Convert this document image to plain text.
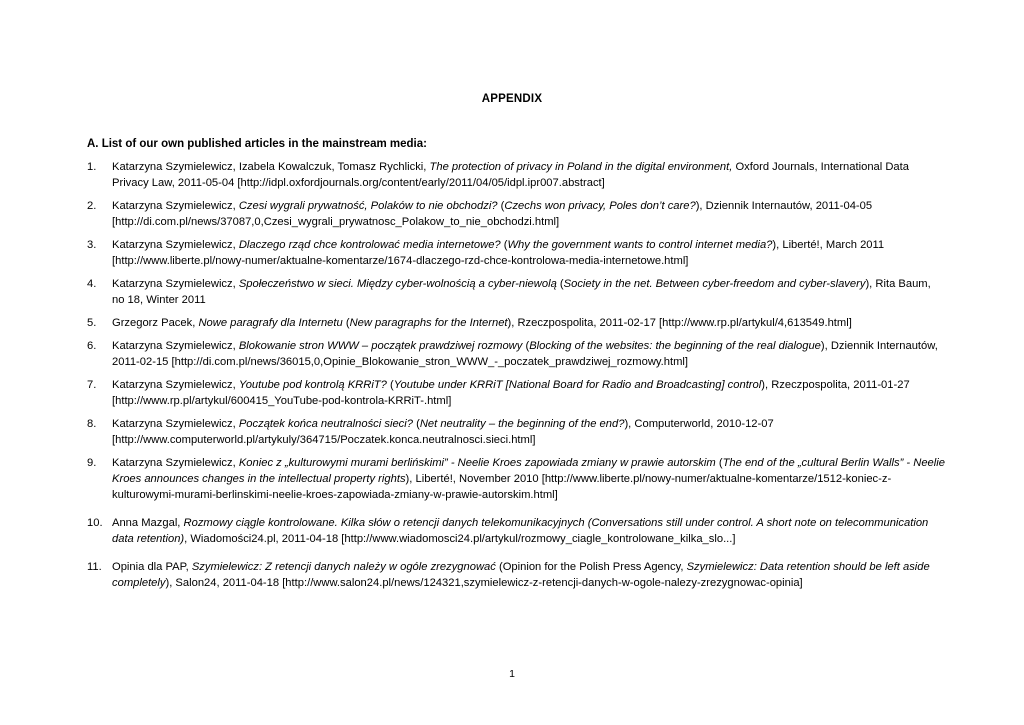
APPENDIX
A. List of our own published articles in the mainstream media:
1. Katarzyna Szymielewicz, Izabela Kowalczuk, Tomasz Rychlicki, The protection of privacy in Poland in the digital environment, Oxford Journals, International Data Privacy Law, 2011-05-04 [http://idpl.oxfordjournals.org/content/early/2011/04/05/idpl.ipr007.abstract]
2. Katarzyna Szymielewicz, Czesi wygrali prywatność, Polaków to nie obchodzi? (Czechs won privacy, Poles don’t care?), Dziennik Internautów, 2011-04-05 [http://di.com.pl/news/37087,0,Czesi_wygrali_prywatnosc_Polakow_to_nie_obchodzi.html]
3. Katarzyna Szymielewicz, Dlaczego rząd chce kontrolować media internetowe? (Why the government wants to control internet media?), Liberté!, March 2011 [http://www.liberte.pl/nowy-numer/aktualne-komentarze/1674-dlaczego-rzd-chce-kontrolowa-media-internetowe.html]
4. Katarzyna Szymielewicz, Społeczeństwo w sieci. Między cyber-wolnością a cyber-niewolą (Society in the net. Between cyber-freedom and cyber-slavery), Rita Baum, no 18, Winter 2011
5. Grzegorz Pacek, Nowe paragrafy dla Internetu (New paragraphs for the Internet), Rzeczpospolita, 2011-02-17 [http://www.rp.pl/artykul/4,613549.html]
6. Katarzyna Szymielewicz, Blokowanie stron WWW – początek prawdziwej rozmowy (Blocking of the websites: the beginning of the real dialogue), Dziennik Internautów, 2011-02-15 [http://di.com.pl/news/36015,0,Opinie_Blokowanie_stron_WWW_-_poczatek_prawdziwej_rozmowy.html]
7. Katarzyna Szymielewicz, Youtube pod kontrolą KRRiT? (Youtube under KRRiT [National Board for Radio and Broadcasting] control), Rzeczpospolita, 2011-01-27 [http://www.rp.pl/artykul/600415_YouTube-pod-kontrola-KRRiT-.html]
8. Katarzyna Szymielewicz, Początek końca neutralności sieci? (Net neutrality – the beginning of the end?), Computerworld, 2010-12-07 [http://www.computerworld.pl/artykuly/364715/Poczatek.konca.neutralnosci.sieci.html]
9. Katarzyna Szymielewicz, Koniec z „kulturowymi murami berlińskimi” - Neelie Kroes zapowiada zmiany w prawie autorskim (The end of the „cultural Berlin Walls” - Neelie Kroes announces changes in the intellectual property rights), Liberté!, November 2010 [http://www.liberte.pl/nowy-numer/aktualne-komentarze/1512-koniec-z-kulturowymi-murami-berlinskimi-neelie-kroes-zapowiada-zmiany-w-prawie-autorskim.html]
10. Anna Mazgal, Rozmowy ciągle kontrolowane. Kilka słów o retencji danych telekomunikacyjnych (Conversations still under control. A short note on telecommunication data retention), Wiadomości24.pl, 2011-04-18 [http://www.wiadomosci24.pl/artykul/rozmowy_ciagle_kontrolowane_kilka_slo...]
11. Opinia dla PAP, Szymielewicz: Z retencji danych należy w ogóle zrezygnować (Opinion for the Polish Press Agency, Szymielewicz: Data retention should be left aside completely), Salon24, 2011-04-18 [http://www.salon24.pl/news/124321,szymielewicz-z-retencji-danych-w-ogole-nalezy-zrezygnowac-opinia]
1
